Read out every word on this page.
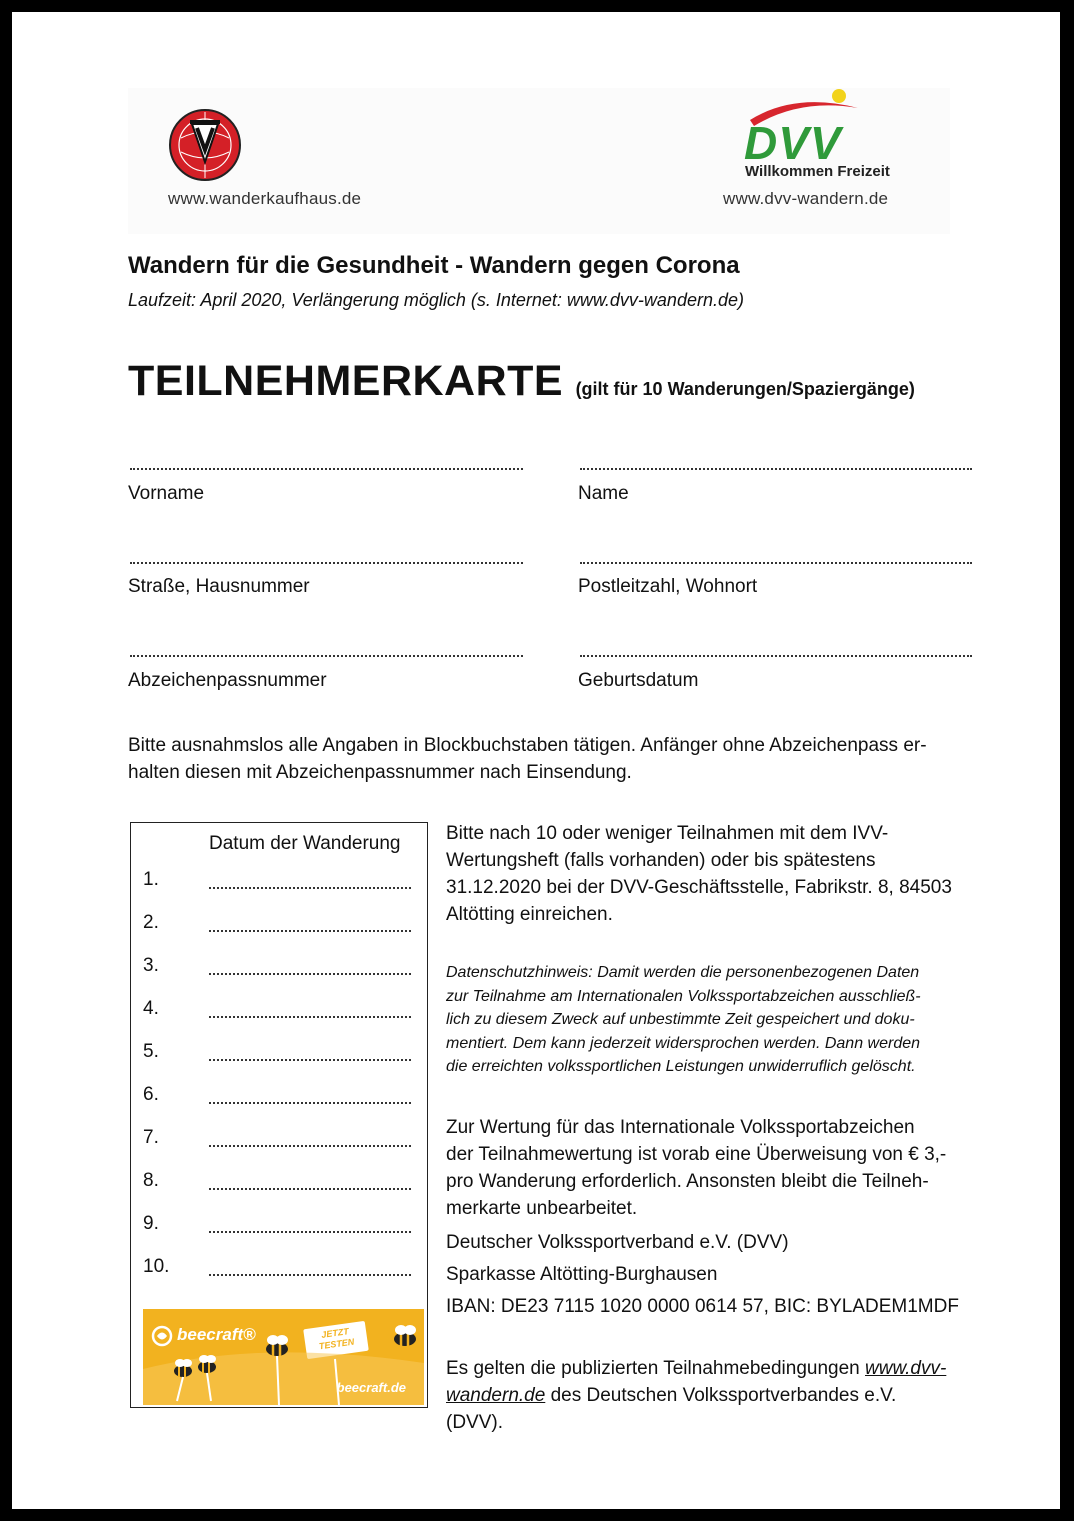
www.wanderkaufhaus.de
DVV
Willkommen Freizeit
www.dvv-wandern.de
Wandern für die Gesundheit - Wandern gegen Corona
Laufzeit: April 2020, Verlängerung möglich (s. Internet: www.dvv-wandern.de)
TEILNEHMERKARTE (gilt für 10 Wanderungen/Spaziergänge)
Vorname	Name
Straße, Hausnummer	Postleitzahl, Wohnort
Abzeichenpassnummer	Geburtsdatum
Bitte ausnahmslos alle Angaben in Blockbuchstaben tätigen. Anfänger ohne Abzeichenpass er-
halten diesen mit Abzeichenpassnummer nach Einsendung.
Datum der Wanderung
1.
2.
3.
4.
5.
6.
7.
8.
9.
10.
beecraft®	JETZT
TESTEN
beecraft.de
Bitte nach 10 oder weniger Teilnahmen mit dem IVV-
Wertungsheft (falls vorhanden) oder bis spätestens
31.12.2020 bei der DVV-Geschäftsstelle, Fabrikstr. 8, 84503
Altötting einreichen.
Datenschutzhinweis: Damit werden die personenbezogenen Daten
zur Teilnahme am Internationalen Volkssportabzeichen ausschließ-
lich zu diesem Zweck auf unbestimmte Zeit gespeichert und doku-
mentiert. Dem kann jederzeit widersprochen werden. Dann werden
die erreichten volkssportlichen Leistungen unwiderruflich gelöscht.
Zur Wertung für das Internationale Volkssportabzeichen
der Teilnahmewertung ist vorab eine Überweisung von € 3,-
pro Wanderung erforderlich. Ansonsten bleibt die Teilneh-
merkarte unbearbeitet.
Deutscher Volkssportverband e.V. (DVV)
Sparkasse Altötting-Burghausen
IBAN: DE23 7115 1020 0000 0614 57, BIC: BYLADEM1MDF
Es gelten die publizierten Teilnahmebedingungen www.dvv-
wandern.de des Deutschen Volkssportverbandes e.V.
(DVV).
